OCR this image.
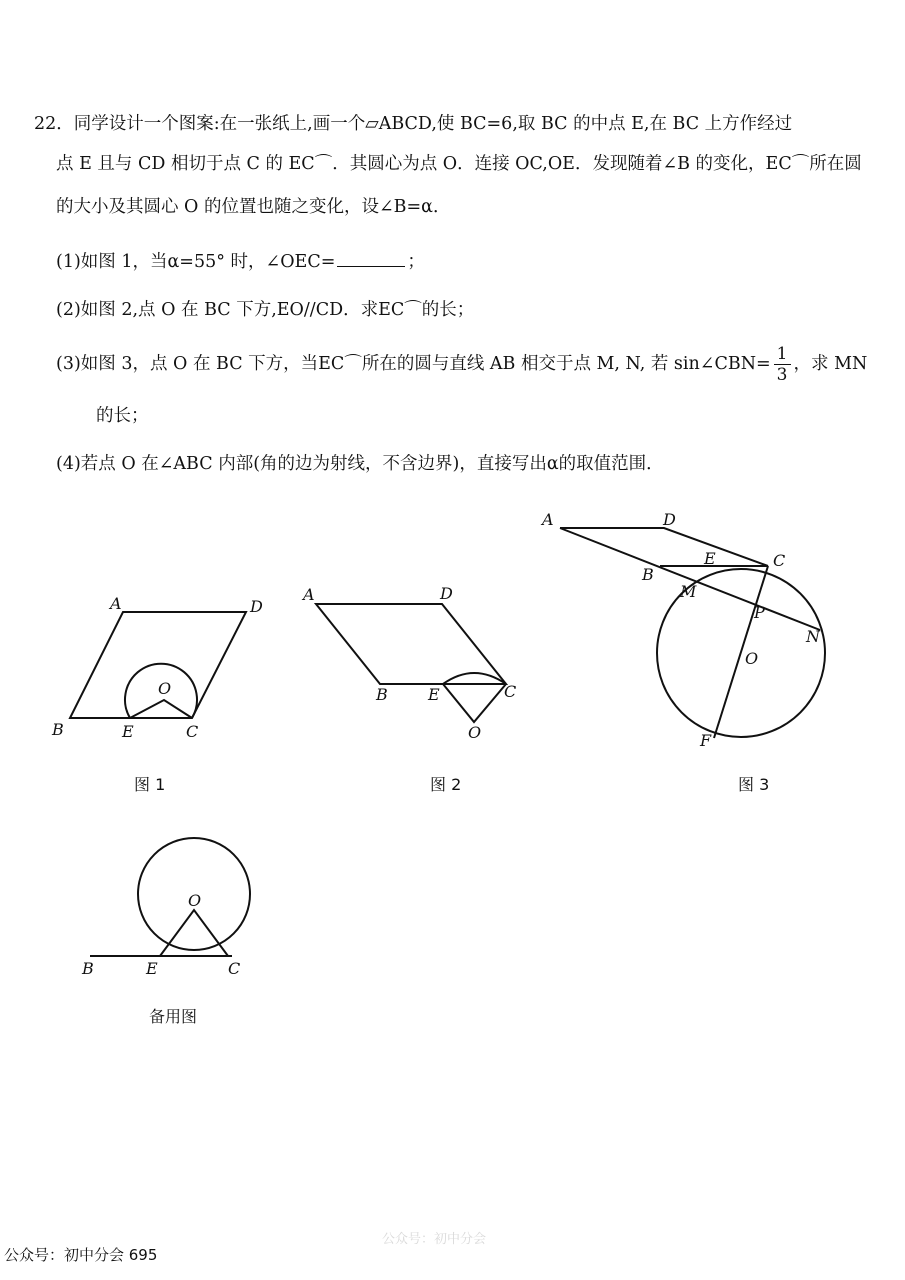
22．同学设计一个图案:在一张纸上,画一个▱ABCD,使 BC=6,取 BC 的中点 E,在 BC 上方作经过
点 E 且与 CD 相切于点 C 的 EC⌒．其圆心为点 O．连接 OC,OE．发现随着∠B 的变化，EC⌒所在圆
的大小及其圆心 O 的位置也随之变化，设∠B=α．
(1)如图 1，当α=55° 时，∠OEC=	；
(2)如图 2,点 O 在 BC 下方,EO//CD．求EC⌒的长；
(3)如图 3，点 O 在 BC 下方，当EC⌒所在的圆与直线 AB 相交于点 M, N, 若 sin∠CBN= $\frac{1}{3}$ ，求 MN
的长；
(4)若点 O 在∠ABC 内部(角的边为射线，不含边界)，直接写出α的取值范围．
A	D
B	E	C
O
A	D
B	E	C
O
A	D
B
E	C
M
P
N
O
F
B	E	C
O
图 1	图 2	图 3
备用图
公众号：初中分会
公众号：初中分会 695
